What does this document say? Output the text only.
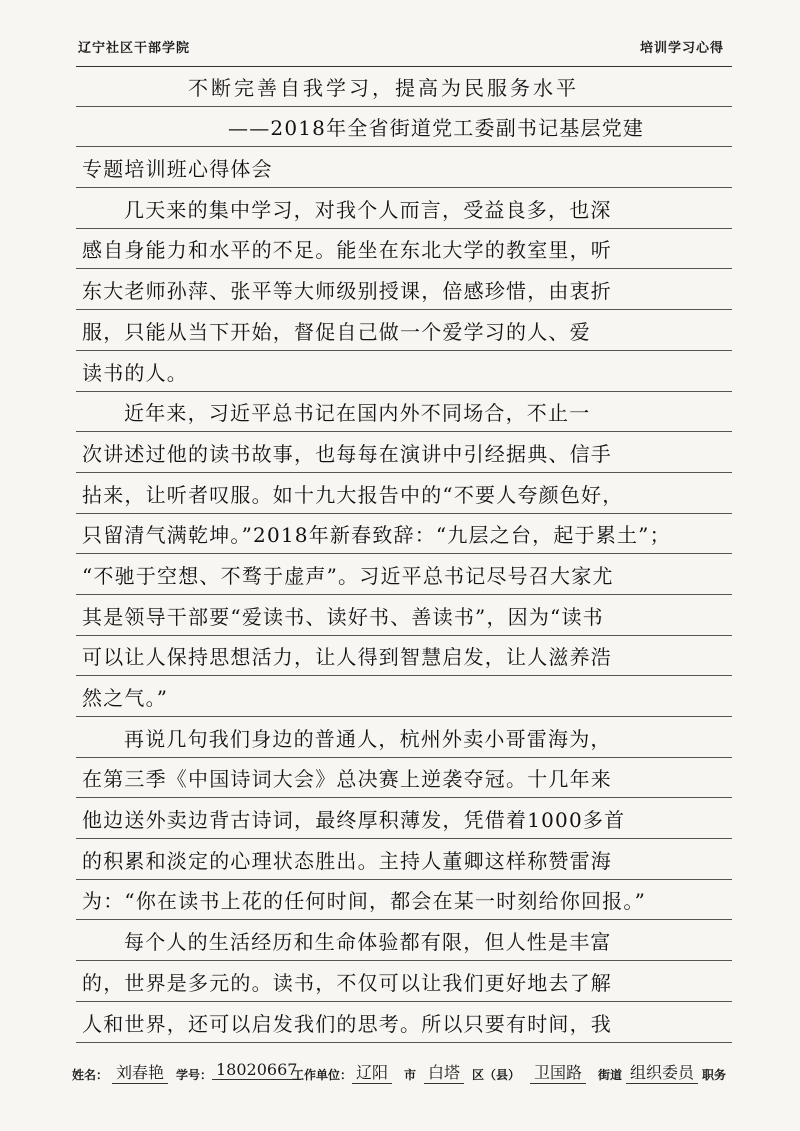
辽宁社区干部学院	培训学习心得
不断完善自我学习，提高为民服务水平
——2018年全省街道党工委副书记基层党建
专题培训班心得体会
几天来的集中学习，对我个人而言，受益良多，也深
感自身能力和水平的不足。能坐在东北大学的教室里，听
东大老师孙萍、张平等大师级别授课，倍感珍惜，由衷折
服，只能从当下开始，督促自己做一个爱学习的人、爱
读书的人。
近年来，习近平总书记在国内外不同场合，不止一
次讲述过他的读书故事，也每每在演讲中引经据典、信手
拈来，让听者叹服。如十九大报告中的“不要人夸颜色好，
只留清气满乾坤。”2018年新春致辞：“九层之台，起于累土”；
“不驰于空想、不骛于虚声”。习近平总书记尽号召大家尤
其是领导干部要“爱读书、读好书、善读书”，因为“读书
可以让人保持思想活力，让人得到智慧启发，让人滋养浩
然之气。”
再说几句我们身边的普通人，杭州外卖小哥雷海为，
在第三季《中国诗词大会》总决赛上逆袭夺冠。十几年来
他边送外卖边背古诗词，最终厚积薄发，凭借着1000多首
的积累和淡定的心理状态胜出。主持人董卿这样称赞雷海
为：“你在读书上花的任何时间，都会在某一时刻给你回报。”
每个人的生活经历和生命体验都有限，但人性是丰富
的，世界是多元的。读书，不仅可以让我们更好地去了解
人和世界，还可以启发我们的思考。所以只要有时间，我
姓名： 刘春艳 学号： 18020667
工作单位： 辽阳	市 白塔 区（县） 卫国路	街道 组织委员 职务
